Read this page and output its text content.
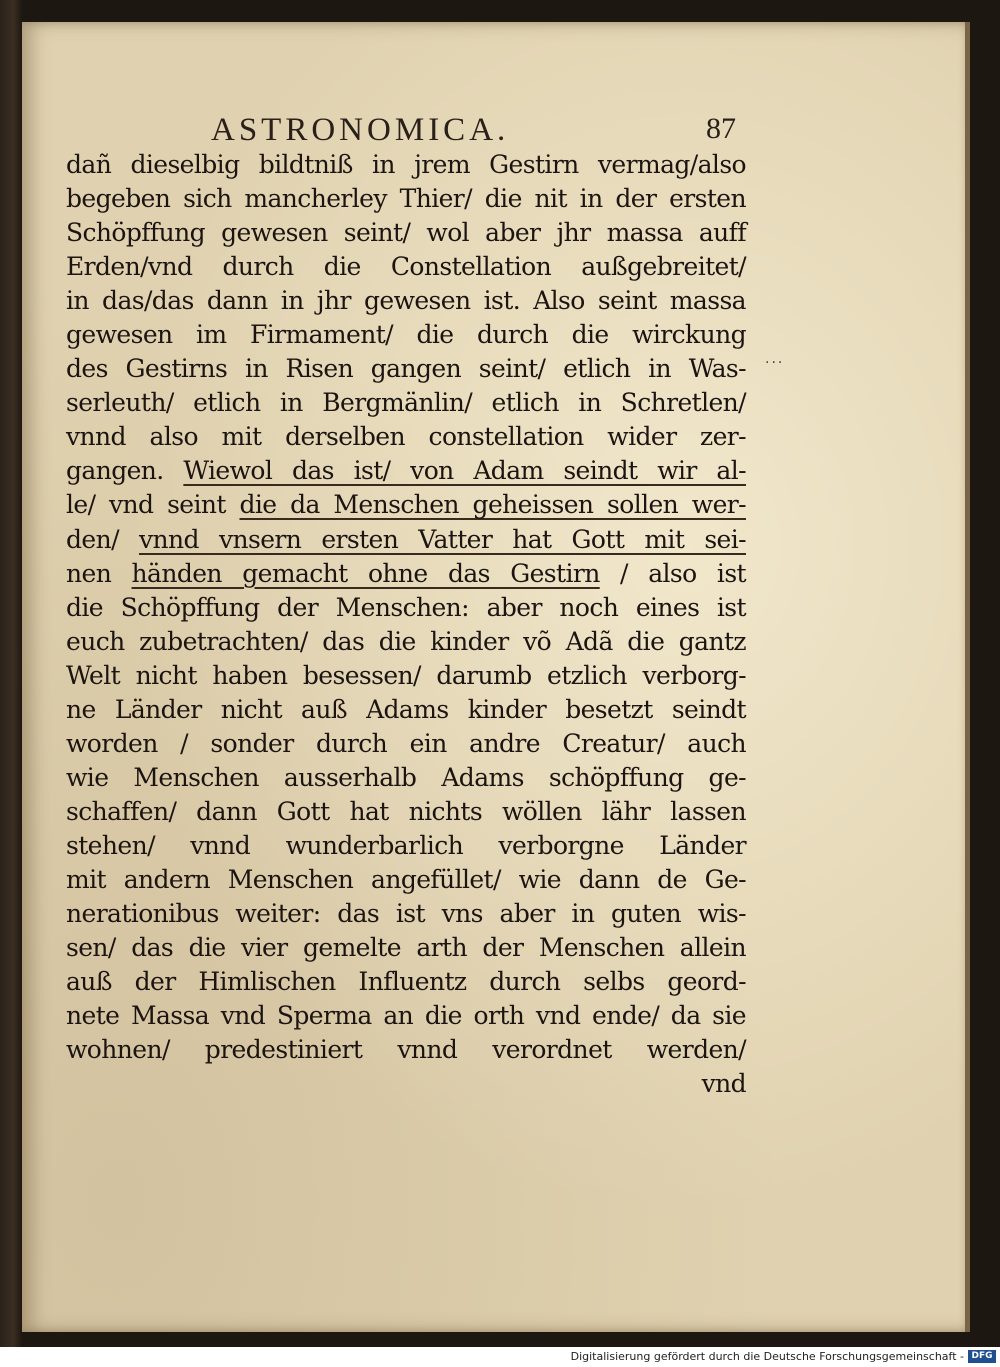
ASTRONOMICA.	87
···
dañ dieselbig bildtniß in jrem Gestirn vermag/also
begeben sich mancherley Thier/ die nit in der ersten
Schöpffung gewesen seint/ wol aber jhr massa auff
Erden/vnd durch die Constellation außgebreitet/
in das/das dann in jhr gewesen ist. Also seint massa
gewesen im Firmament/ die durch die wirckung
des Gestirns in Risen gangen seint/ etlich in Was-
serleuth/ etlich in Bergmänlin/ etlich in Schretlen/
vnnd also mit derselben constellation wider zer-
gangen. Wiewol das ist/ von Adam seindt wir al-
le/ vnd seint die da Menschen geheissen sollen wer-
den/ vnnd vnsern ersten Vatter hat Gott mit sei-
nen händen gemacht ohne das Gestirn / also ist
die Schöpffung der Menschen: aber noch eines ist
euch zubetrachten/ das die kinder võ Adã die gantz
Welt nicht haben besessen/ darumb etzlich verborg-
ne Länder nicht auß Adams kinder besetzt seindt
worden / sonder durch ein andre Creatur/ auch
wie Menschen ausserhalb Adams schöpffung ge-
schaffen/ dann Gott hat nichts wöllen lähr lassen
stehen/ vnnd wunderbarlich verborgne Länder
mit andern Menschen angefüllet/ wie dann de Ge-
nerationibus weiter: das ist vns aber in guten wis-
sen/ das die vier gemelte arth der Menschen allein
auß der Himlischen Influentz durch selbs geord-
nete Massa vnd Sperma an die orth vnd ende/ da sie
wohnen/ predestiniert vnnd verordnet werden/
vnd
Digitalisierung gefördert durch die Deutsche Forschungsgemeinschaft - DFG
